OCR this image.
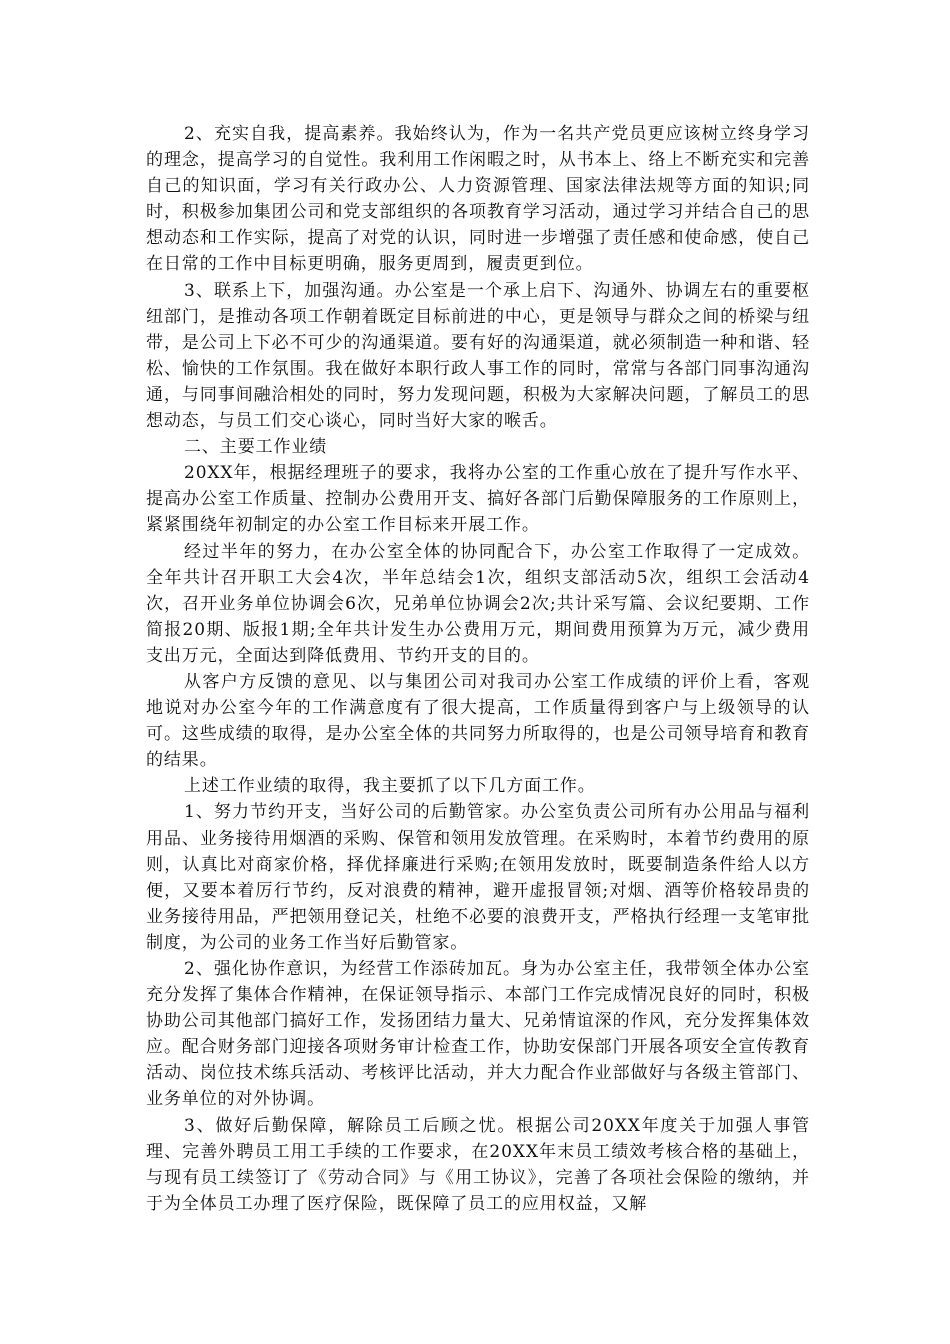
2、充实自我，提高素养。我始终认为，作为一名共产党员更应该树立终身学习的理念，提高学习的自觉性。我利用工作闲暇之时，从书本上、络上不断充实和完善自己的知识面，学习有关行政办公、人力资源管理、国家法律法规等方面的知识;同时，积极参加集团公司和党支部组织的各项教育学习活动，通过学习并结合自己的思想动态和工作实际，提高了对党的认识，同时进一步增强了责任感和使命感，使自己在日常的工作中目标更明确，服务更周到，履责更到位。

3、联系上下，加强沟通。办公室是一个承上启下、沟通外、协调左右的重要枢纽部门，是推动各项工作朝着既定目标前进的中心，更是领导与群众之间的桥梁与纽带，是公司上下必不可少的沟通渠道。要有好的沟通渠道，就必须制造一种和谐、轻松、愉快的工作氛围。我在做好本职行政人事工作的同时，常常与各部门同事沟通沟通，与同事间融洽相处的同时，努力发现问题，积极为大家解决问题，了解员工的思想动态，与员工们交心谈心，同时当好大家的喉舌。

二、主要工作业绩

20XX年，根据经理班子的要求，我将办公室的工作重心放在了提升写作水平、提高办公室工作质量、控制办公费用开支、搞好各部门后勤保障服务的工作原则上，紧紧围绕年初制定的办公室工作目标来开展工作。

经过半年的努力，在办公室全体的协同配合下，办公室工作取得了一定成效。全年共计召开职工大会4次，半年总结会1次，组织支部活动5次，组织工会活动4次，召开业务单位协调会6次，兄弟单位协调会2次;共计采写篇、会议纪要期、工作简报20期、版报1期;全年共计发生办公费用万元，期间费用预算为万元，减少费用支出万元，全面达到降低费用、节约开支的目的。

从客户方反馈的意见、以与集团公司对我司办公室工作成绩的评价上看，客观地说对办公室今年的工作满意度有了很大提高，工作质量得到客户与上级领导的认可。这些成绩的取得，是办公室全体的共同努力所取得的，也是公司领导培育和教育的结果。

上述工作业绩的取得，我主要抓了以下几方面工作。

1、努力节约开支，当好公司的后勤管家。办公室负责公司所有办公用品与福利用品、业务接待用烟酒的采购、保管和领用发放管理。在采购时，本着节约费用的原则，认真比对商家价格，择优择廉进行采购;在领用发放时，既要制造条件给人以方便，又要本着厉行节约，反对浪费的精神，避开虚报冒领;对烟、酒等价格较昂贵的业务接待用品，严把领用登记关，杜绝不必要的浪费开支，严格执行经理一支笔审批制度，为公司的业务工作当好后勤管家。

2、强化协作意识，为经营工作添砖加瓦。身为办公室主任，我带领全体办公室充分发挥了集体合作精神，在保证领导指示、本部门工作完成情况良好的同时，积极协助公司其他部门搞好工作，发扬团结力量大、兄弟情谊深的作风，充分发挥集体效应。配合财务部门迎接各项财务审计检查工作，协助安保部门开展各项安全宣传教育活动、岗位技术练兵活动、考核评比活动，并大力配合作业部做好与各级主管部门、业务单位的对外协调。

3、做好后勤保障，解除员工后顾之忧。根据公司20XX年度关于加强人事管理、完善外聘员工用工手续的工作要求，在20XX年末员工绩效考核合格的基础上，与现有员工续签订了《劳动合同》与《用工协议》，完善了各项社会保险的缴纳，并于为全体员工办理了医疗保险，既保障了员工的应用权益，又解
